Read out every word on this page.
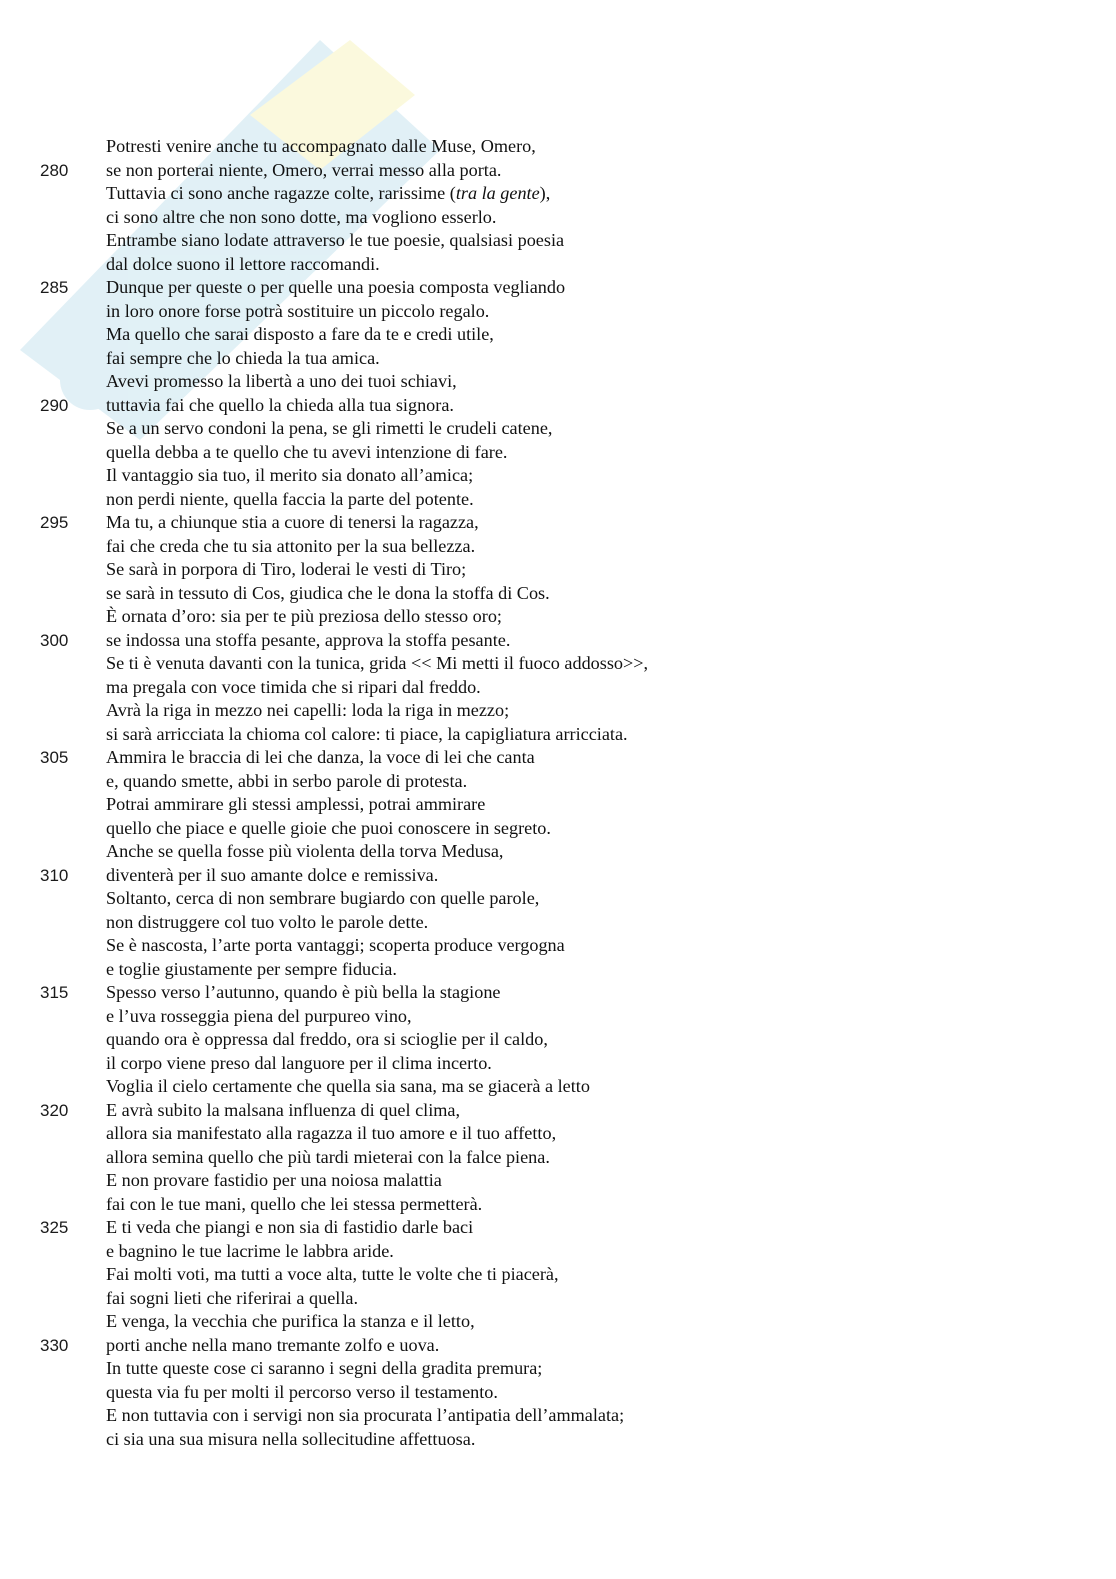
Potresti venire anche tu accompagnato dalle Muse, Omero,
280	se non porterai niente, Omero, verrai messo alla porta.
Tuttavia ci sono anche ragazze colte, rarissime (tra la gente),
ci sono altre che non sono dotte, ma vogliono esserlo.
Entrambe siano lodate attraverso le tue poesie, qualsiasi poesia
dal dolce suono il lettore raccomandi.
285	Dunque per queste o per quelle una poesia composta vegliando
in loro onore forse potrà sostituire un piccolo regalo.
Ma quello che sarai disposto a fare da te e credi utile,
fai sempre che lo chieda la tua amica.
Avevi promesso la libertà a uno dei tuoi schiavi,
290	tuttavia fai che quello la chieda alla tua signora.
Se a un servo condoni la pena, se gli rimetti le crudeli catene,
quella debba a te quello che tu avevi intenzione di fare.
Il vantaggio sia tuo, il merito sia donato all’amica;
non perdi niente, quella faccia la parte del potente.
295	Ma tu, a chiunque stia a cuore di tenersi la ragazza,
fai che creda che tu sia attonito per la sua bellezza.
Se sarà in porpora di Tiro, loderai le vesti di Tiro;
se sarà in tessuto di Cos, giudica che le dona la stoffa di Cos.
È ornata d’oro: sia per te più preziosa dello stesso oro;
300	se indossa una stoffa pesante, approva la stoffa pesante.
Se ti è venuta davanti con la tunica, grida << Mi metti il fuoco addosso>>,
ma pregala con voce timida che si ripari dal freddo.
Avrà la riga in mezzo nei capelli: loda la riga in mezzo;
si sarà arricciata la chioma col calore: ti piace, la capigliatura arricciata.
305	Ammira le braccia di lei che danza, la voce di lei che canta
e, quando smette, abbi in serbo parole di protesta.
Potrai ammirare gli stessi amplessi, potrai ammirare
quello che piace e quelle gioie che puoi conoscere in segreto.
Anche se quella fosse più violenta della torva Medusa,
310	diventerà per il suo amante dolce e remissiva.
Soltanto, cerca di non sembrare bugiardo con quelle parole,
non distruggere col tuo volto le parole dette.
Se è nascosta, l’arte porta vantaggi; scoperta produce vergogna
e toglie giustamente per sempre fiducia.
315	Spesso verso l’autunno, quando è più bella la stagione
e l’uva rosseggia piena del purpureo vino,
quando ora è oppressa dal freddo, ora si scioglie per il caldo,
il corpo viene preso dal languore per il clima incerto.
Voglia il cielo certamente che quella sia sana, ma se giacerà a letto
320	E avrà subito la malsana influenza di quel clima,
allora sia manifestato alla ragazza il tuo amore e il tuo affetto,
allora semina quello che più tardi mieterai con la falce piena.
E non provare fastidio per una noiosa malattia
fai con le tue mani, quello che lei stessa permetterà.
325	E ti veda che piangi e non sia di fastidio darle baci
e bagnino le tue lacrime le labbra aride.
Fai molti voti, ma tutti a voce alta, tutte le volte che ti piacerà,
fai sogni lieti che riferirai a quella.
E venga, la vecchia che purifica la stanza e il letto,
330	porti anche nella mano tremante zolfo e uova.
In tutte queste cose ci saranno i segni della gradita premura;
questa via fu per molti il percorso verso il testamento.
E non tuttavia con i servigi non sia procurata l’antipatia dell’ammalata;
ci sia una sua misura nella sollecitudine affettuosa.
